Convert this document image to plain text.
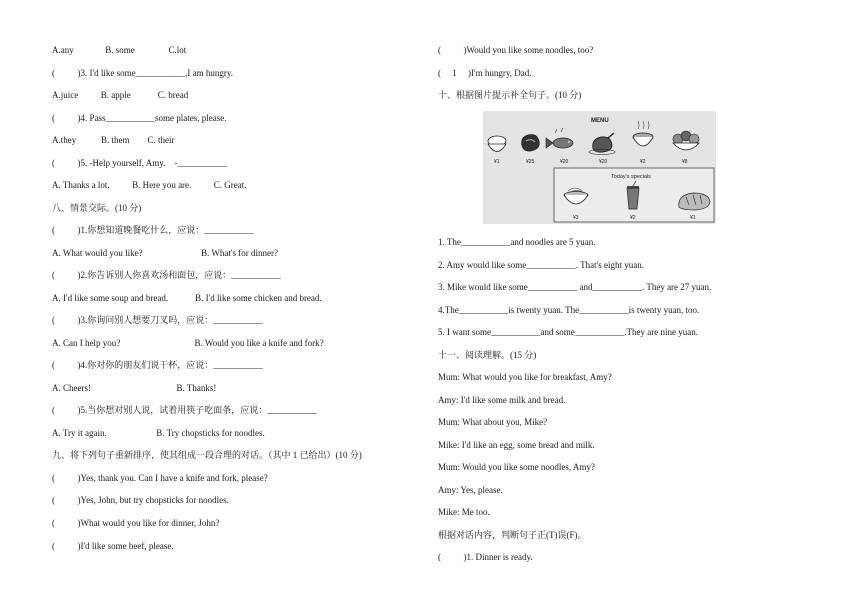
A.any              B. some               C.lot
(          )3. I'd like some___________,I am hungry.
A.juice          B. apple            C. bread
(          )4. Pass___________some plates, please.
A.they           B. them        C. their
(          )5. -Help yourself, Amy.    -___________
A. Thanks a lot.          B. Here you are.          C. Great.
八、情景交际。(10 分)
(          )1.你想知道晚餐吃什么，应说：___________
A. What would you like?                          B. What's for dinner?
(          )2.你告诉别人你喜欢汤和面包，应说：___________
A. I'd like some soup and bread.            B. I'd like some chicken and bread.
(          )3.你询问别人想要刀叉吗，应说：___________
A. Can I help you?                                 B. Would you like a knife and fork?
(          )4.你对你的朋友们说干杯，应说：___________
A. Cheers!                                      B. Thanks!
(          )5.当你想对别人说，试着用筷子吃面条，应说：___________
A. Try it again.                      B. Try chopsticks for noodles.
九、将下列句子重新排序，使其组成一段合理的对话。（其中 1 已给出）(10 分)
(          )Yes, thank you. Can I have a knife and fork, please?
(          )Yes, John, but try chopsticks for noodles.
(          )What would you like for dinner, John?
(          )I'd like some beef, please.
(          )Would you like some noodles, too?
(     1     )I'm hungry, Dad.
十、根据图片提示补全句子。(10 分)
1. The___________and noodles are 5 yuan.
2. Amy would like some___________. That's eight yuan.
3. Mike would like some___________ and___________. They are 27 yuan.
4.The___________is twenty yuan. The___________is twenty yuan, too.
5. I want some___________and some___________.They are nine yuan.
十一、阅读理解。(15 分)
Mum: What would you like for breakfast, Amy?
Amy: I'd like some milk and bread.
Mum: What about you, Mike?
Mike: I'd like an egg, some bread and milk.
Mum: Would you like some noodles, Amy?
Amy: Yes, please.
Mike: Me too.
根据对话内容，判断句子正(T)误(F)。
(          )1. Dinner is ready.
MENU
¥1	¥25	¥20	¥20	¥2	¥8
Today's specials
¥3	¥2	¥1
